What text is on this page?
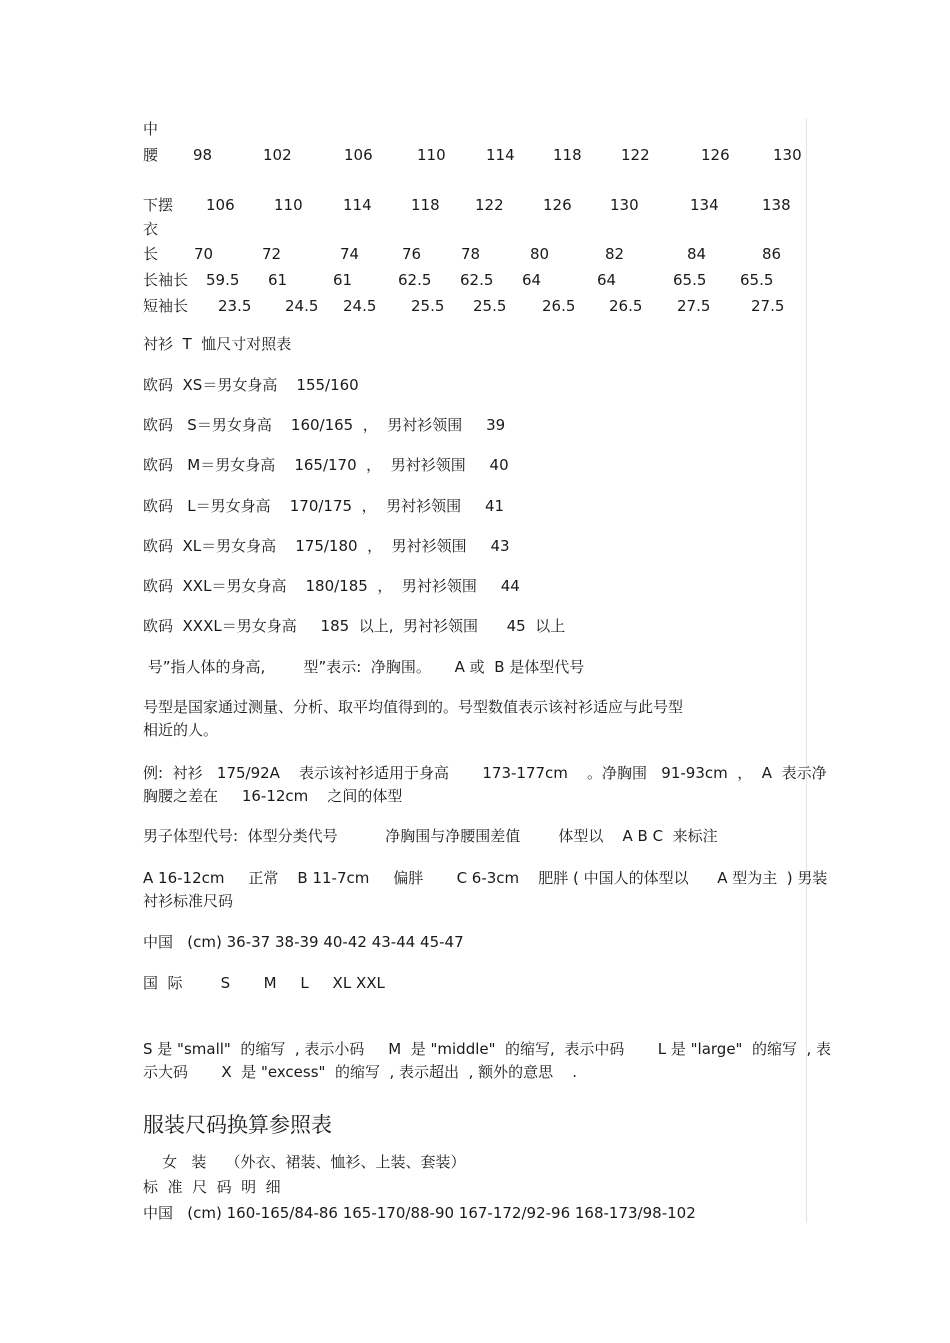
中
腰 98	102	106	110	114	118	122	126	130
下摆 106	110	114	118 122	126	130	134	138
衣
长 70	72	74	76	78	80	82	84	86
长袖长 59.5 61	61	62.5 62.5 64	64	65.5 65.5
短袖长 23.5 24.5 24.5 25.5 25.5 26.5 26.5 27.5	27.5
衬衫  T  恤尺寸对照表
欧码  XS＝男女身高    155/160
欧码   S＝男女身高    160/165  ，  男衬衫领围     39
欧码   M＝男女身高    165/170  ，  男衬衫领围     40
欧码   L＝男女身高    170/175  ，  男衬衫领围     41
欧码  XL＝男女身高    175/180  ，  男衬衫领围     43
欧码  XXL＝男女身高    180/185  ，  男衬衫领围     44
欧码  XXXL＝男女身高     185  以上,  男衬衫领围      45  以上
号”指人体的身高,        型”表示:  净胸围。     A 或  B 是体型代号
号型是国家通过测量、分析、取平均值得到的。号型数值表示该衬衫适应与此号型
相近的人。
例:  衬衫   175/92A    表示该衬衫适用于身高       173-177cm    。净胸围   91-93cm  ，  A  表示净
胸腰之差在     16-12cm    之间的体型
男子体型代号:  体型分类代号          净胸围与净腰围差值        体型以    A B C  来标注
A 16-12cm     正常    B 11-7cm     偏胖       C 6-3cm    肥胖 ( 中国人的体型以      A 型为主  ) 男装
衬衫标准尺码
中国   (cm) 36-37 38-39 40-42 43-44 45-47
国  际        S       M     L     XL XXL
S 是 "small"  的缩写  , 表示小码     M  是 "middle"  的缩写,  表示中码       L 是 "large"  的缩写  , 表
示大码       X  是 "excess"  的缩写  , 表示超出  , 额外的意思    .
服装尺码换算参照表
女   装    （外衣、裙装、恤衫、上装、套装）
标  准  尺  码  明  细
中国   (cm) 160-165/84-86 165-170/88-90 167-172/92-96 168-173/98-102
